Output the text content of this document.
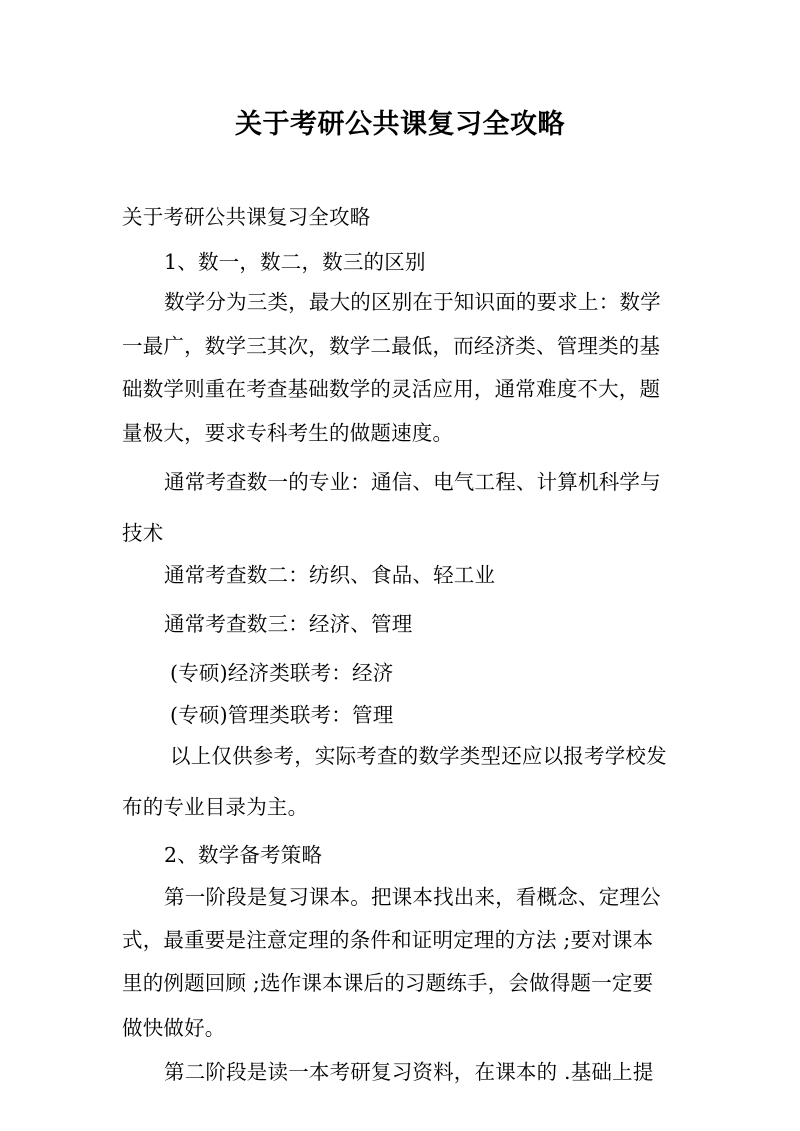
关于考研公共课复习全攻略

关于考研公共课复习全攻略

1、数一，数二，数三的区别

数学分为三类，最大的区别在于知识面的要求上：数学

一最广，数学三其次，数学二最低，而经济类、管理类的基

础数学则重在考查基础数学的灵活应用，通常难度不大，题

量极大，要求专科考生的做题速度。

通常考查数一的专业：通信、电气工程、计算机科学与

技术

通常考查数二：纺织、食品、轻工业

通常考查数三：经济、管理

(专硕)经济类联考：经济

(专硕)管理类联考：管理

以上仅供参考，实际考查的数学类型还应以报考学校发

布的专业目录为主。

2、数学备考策略

第一阶段是复习课本。把课本找出来，看概念、定理公

式，最重要是注意定理的条件和证明定理的方法 ;要对课本

里的例题回顾 ;选作课本课后的习题练手，会做得题一定要

做快做好。

第二阶段是读一本考研复习资料，在课本的 .基础上提
